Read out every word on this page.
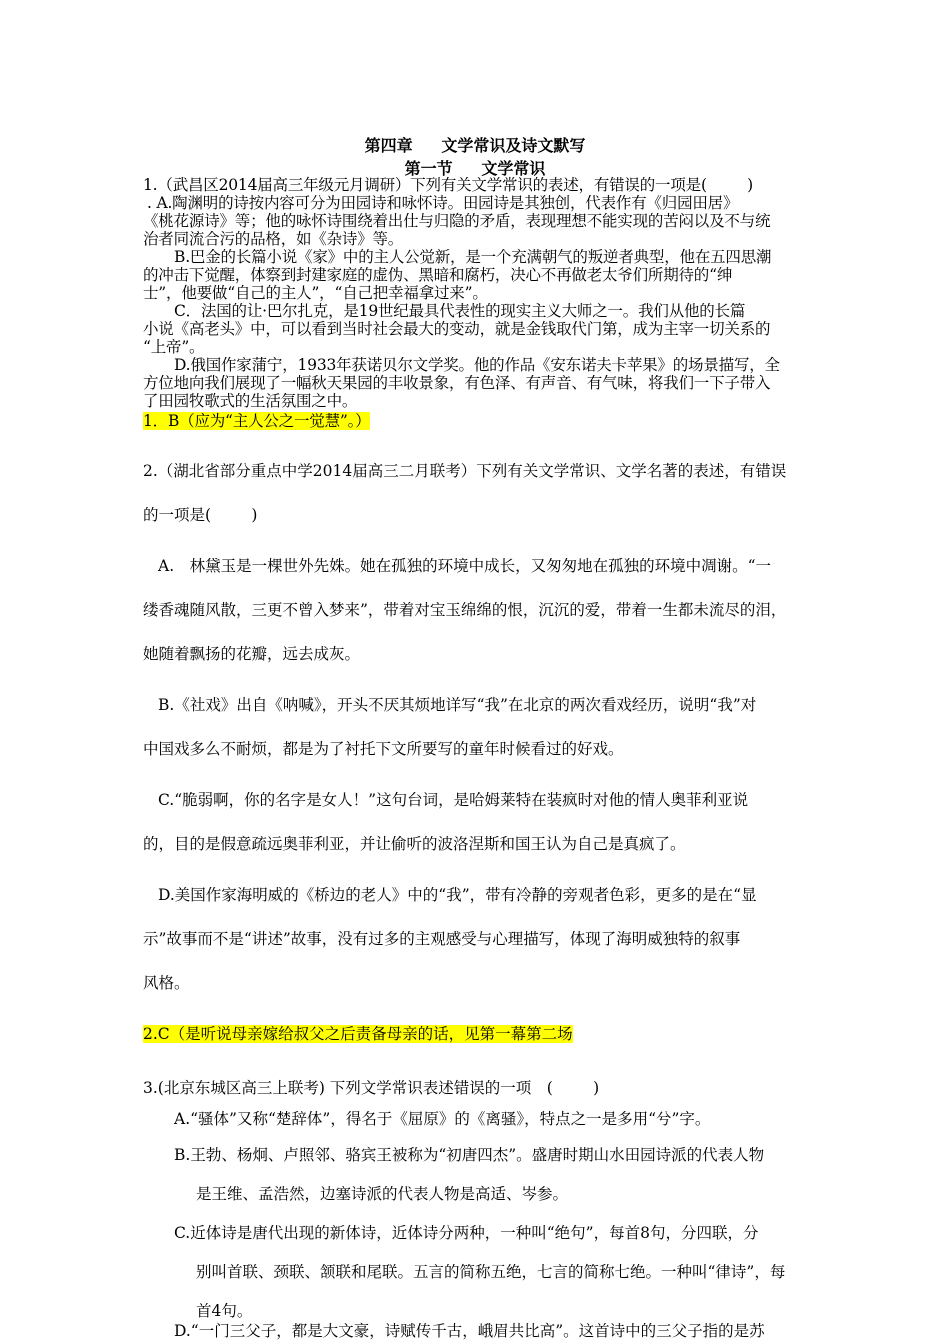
第四章 文学常识及诗文默写
第一节 文学常识
1.（武昌区2014届高三年级元月调研）下列有关文学常识的表述，有错误的一项是(	)
. A.陶渊明的诗按内容可分为田园诗和咏怀诗。田园诗是其独创，代表作有《归园田居》
《桃花源诗》等；他的咏怀诗围绕着出仕与归隐的矛盾，表现理想不能实现的苦闷以及不与统
治者同流合污的品格，如《杂诗》等。
B.巴金的长篇小说《家》中的主人公觉新，是一个充满朝气的叛逆者典型，他在五四思潮
的冲击下觉醒，体察到封建家庭的虚伪、黑暗和腐朽，决心不再做老太爷们所期待的“绅
士”，他要做“自己的主人”，“自己把幸福拿过来”。
C．法国的让·巴尔扎克，是19世纪最具代表性的现实主义大师之一。我们从他的长篇
小说《高老头》中，可以看到当时社会最大的变动，就是金钱取代门第，成为主宰一切关系的
“上帝”。
D.俄国作家蒲宁，1933年获诺贝尔文学奖。他的作品《安东诺夫卡苹果》的场景描写，全
方位地向我们展现了一幅秋天果园的丰收景象，有色泽、有声音、有气味，将我们一下子带入
了田园牧歌式的生活氛围之中。
1．B（应为“主人公之一觉慧”。）
2.（湖北省部分重点中学2014届高三二月联考）下列有关文学常识、文学名著的表述，有错误
的一项是(	)
A.　林黛玉是一棵世外先姝。她在孤独的环境中成长，又匆匆地在孤独的环境中凋谢。“一
缕香魂随风散，三更不曾入梦来”，带着对宝玉绵绵的恨，沉沉的爱，带着一生都未流尽的泪，
她随着飘扬的花瓣，远去成灰。
B.《社戏》出自《呐喊》，开头不厌其烦地详写“我”在北京的两次看戏经历，说明“我”对
中国戏多么不耐烦，都是为了衬托下文所要写的童年时候看过的好戏。
C.“脆弱啊，你的名字是女人！”这句台词，是哈姆莱特在装疯时对他的情人奥菲利亚说
的，目的是假意疏远奥菲利亚，并让偷听的波洛涅斯和国王认为自己是真疯了。
D.美国作家海明威的《桥边的老人》中的“我”，带有冷静的旁观者色彩，更多的是在“显
示”故事而不是“讲述”故事，没有过多的主观感受与心理描写，体现了海明威独特的叙事
风格。
2.C（是听说母亲嫁给叔父之后责备母亲的话，见第一幕第二场
3.(北京东城区高三上联考) 下列文学常识表述错误的一项　(	)
A.“骚体”又称“楚辞体”，得名于《屈原》的《离骚》，特点之一是多用“兮”字。
B.王勃、杨炯、卢照邻、骆宾王被称为“初唐四杰”。盛唐时期山水田园诗派的代表人物
是王维、孟浩然，边塞诗派的代表人物是高适、岑参。
C.近体诗是唐代出现的新体诗，近体诗分两种，一种叫“绝句”，每首8句，分四联，分
别叫首联、颈联、颔联和尾联。五言的简称五绝，七言的简称七绝。一种叫“律诗”，每
首4句。
D.“一门三父子，都是大文豪，诗赋传千古，峨眉共比高”。这首诗中的三父子指的是苏
